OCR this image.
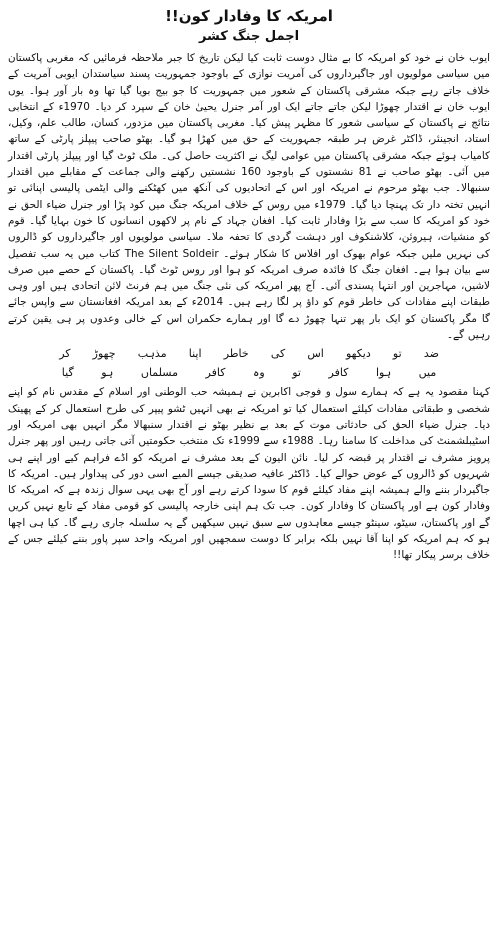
امریکہ کا وفادار کون!!
اجمل جنگ کشر

ایوب خان نے خود کو امریکہ کا بے مثال دوست ثابت کیا لیکن تاریخ کا جبر ملاحظہ فرمائیں کہ مغربی پاکستان میں سیاسی مولویوں اور جاگیرداروں کی آمریت نوازی کے باوجود جمہوریت پسند سیاستدان ایوبی آمریت کے خلاف جاتے رہے جبکہ مشرقی پاکستان کے شعور میں جمہوریت کا جو بیج بویا گیا تھا وہ بار آور ہوا۔ یوں ایوب خان نے اقتدار چھوڑا لیکن جاتے جاتے ایک اور آمر جنرل یحییٰ خان کے سپرد کر دیا۔ 1970ء کے انتخابی نتائج نے پاکستان کے سیاسی شعور کا مظہر پیش کیا۔ مغربی پاکستان میں مزدور، کسان، طالب علم، وکیل، استاد، انجینئر، ڈاکٹر غرض ہر طبقہ جمہوریت کے حق میں کھڑا ہو گیا۔ بھٹو صاحب پیپلز پارٹی کے ساتھ کامیاب ہوئے جبکہ مشرقی پاکستان میں عوامی لیگ نے اکثریت حاصل کی۔ ملک ٹوٹ گیا اور پیپلز پارٹی اقتدار میں آئی۔ بھٹو صاحب نے 81 نشستوں کے باوجود 160 نشستیں رکھنے والی جماعت کے مقابلے میں اقتدار سنبھالا۔ جب بھٹو مرحوم نے امریکہ اور اس کے اتحادیوں کی آنکھ میں کھٹکنے والی ایٹمی پالیسی اپنائی تو انہیں تختہ دار تک پہنچا دیا گیا۔ 1979ء میں روس کے خلاف امریکہ جنگ میں کود پڑا اور جنرل ضیاء الحق نے خود کو امریکہ کا سب سے بڑا وفادار ثابت کیا۔ افغان جہاد کے نام پر لاکھوں انسانوں کا خون بہایا گیا۔ قوم کو منشیات، ہیروئن، کلاشنکوف اور دہشت گردی کا تحفہ ملا۔ سیاسی مولویوں اور جاگیرداروں کو ڈالروں کی نہریں ملیں جبکہ عوام بھوک اور افلاس کا شکار ہوئے۔ The Silent Soldeir کتاب میں یہ سب تفصیل سے بیان ہوا ہے۔ افغان جنگ کا فائدہ صرف امریکہ کو ہوا اور روس ٹوٹ گیا۔ پاکستان کے حصے میں صرف لاشیں، مہاجرین اور انتہا پسندی آئی۔ آج پھر امریکہ کی نئی جنگ میں ہم فرنٹ لائن اتحادی ہیں اور وہی طبقات اپنے مفادات کی خاطر قوم کو داؤ پر لگا رہے ہیں۔ 2014ء کے بعد امریکہ افغانستان سے واپس جائے گا مگر پاکستان کو ایک بار پھر تنہا چھوڑ دے گا اور ہمارے حکمران اس کے خالی وعدوں پر ہی یقین کرتے رہیں گے۔

ضد
تو
دیکھو
اس
کی
خاطر
اپنا
مذہب
چھوڑ
کر
میں
ہوا
کافر
تو
وہ
کافر
مسلماں
ہو
گیا

کہنا مقصود یہ ہے کہ ہمارے سول و فوجی اکابرین نے ہمیشہ حب الوطنی اور اسلام کے مقدس نام کو اپنے شخصی و طبقاتی مفادات کیلئے استعمال کیا تو امریکہ نے بھی انہیں ٹشو پیپر کی طرح استعمال کر کے پھینک دیا۔ جنرل ضیاء الحق کی حادثاتی موت کے بعد بے نظیر بھٹو نے اقتدار سنبھالا مگر انہیں بھی امریکہ اور اسٹیبلشمنٹ کی مداخلت کا سامنا رہا۔ 1988ء سے 1999ء تک منتخب حکومتیں آتی جاتی رہیں اور پھر جنرل پرویز مشرف نے اقتدار پر قبضہ کر لیا۔ نائن الیون کے بعد مشرف نے امریکہ کو اڈے فراہم کیے اور اپنے ہی شہریوں کو ڈالروں کے عوض حوالے کیا۔ ڈاکٹر عافیہ صدیقی جیسے المیے اسی دور کی پیداوار ہیں۔ امریکہ کا جاگیردار بننے والے ہمیشہ اپنے مفاد کیلئے قوم کا سودا کرتے رہے اور آج بھی یہی سوال زندہ ہے کہ امریکہ کا وفادار کون ہے اور پاکستان کا وفادار کون۔ جب تک ہم اپنی خارجہ پالیسی کو قومی مفاد کے تابع نہیں کریں گے اور پاکستان، سیٹو، سینٹو جیسے معاہدوں سے سبق نہیں سیکھیں گے یہ سلسلہ جاری رہے گا۔ کیا ہی اچھا ہو کہ ہم امریکہ کو اپنا آقا نہیں بلکہ برابر کا دوست سمجھیں اور امریکہ واحد سپر پاور بننے کیلئے جس کے خلاف برسر پیکار تھا!!
